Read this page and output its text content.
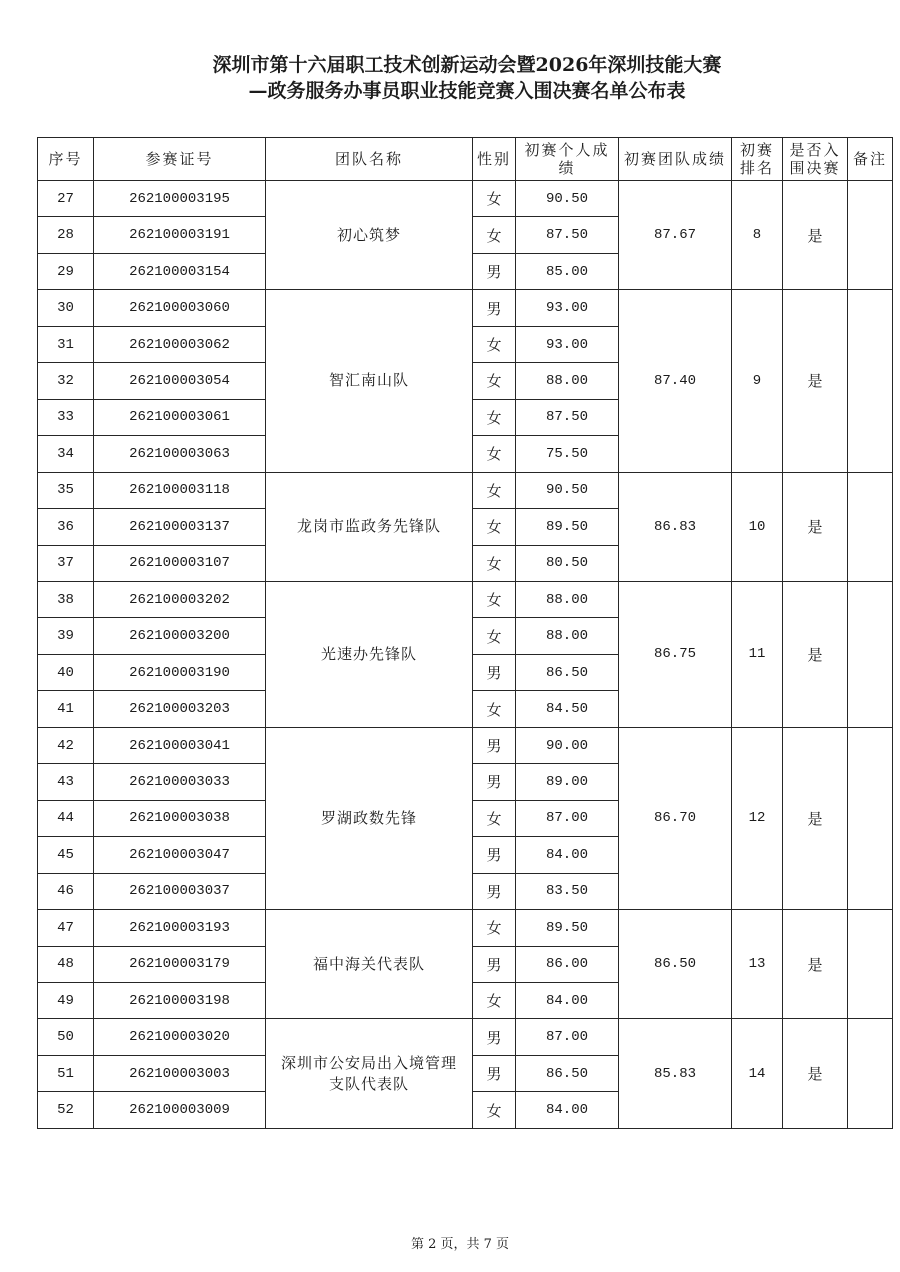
深圳市第十六届职工技术创新运动会暨2026年深圳技能大赛
—政务服务办事员职业技能竞赛入围决赛名单公布表
序号	参赛证号	团队名称	性别	初赛个人成绩	初赛团队成绩	初赛排名	是否入围决赛	备注
27	262100003195	初心筑梦	女	90.50	87.67	8	是	
28	262100003191		女	87.50				
29	262100003154		男	85.00				
30	262100003060	智汇南山队	男	93.00	87.40	9	是	
31	262100003062		女	93.00				
32	262100003054		女	88.00				
33	262100003061		女	87.50				
34	262100003063		女	75.50				
35	262100003118	龙岗市监政务先锋队	女	90.50	86.83	10	是	
36	262100003137		女	89.50				
37	262100003107		女	80.50				
38	262100003202	光速办先锋队	女	88.00	86.75	11	是	
39	262100003200		女	88.00				
40	262100003190		男	86.50				
41	262100003203		女	84.50				
42	262100003041	罗湖政数先锋	男	90.00	86.70	12	是	
43	262100003033		男	89.00				
44	262100003038		女	87.00				
45	262100003047		男	84.00				
46	262100003037		男	83.50				
47	262100003193	福中海关代表队	女	89.50	86.50	13	是	
48	262100003179		男	86.00				
49	262100003198		女	84.00				
50	262100003020	深圳市公安局出入境管理支队代表队	男	87.00	85.83	14	是	
51	262100003003		男	86.50				
52	262100003009		女	84.00				
第 2 页，共 7 页
